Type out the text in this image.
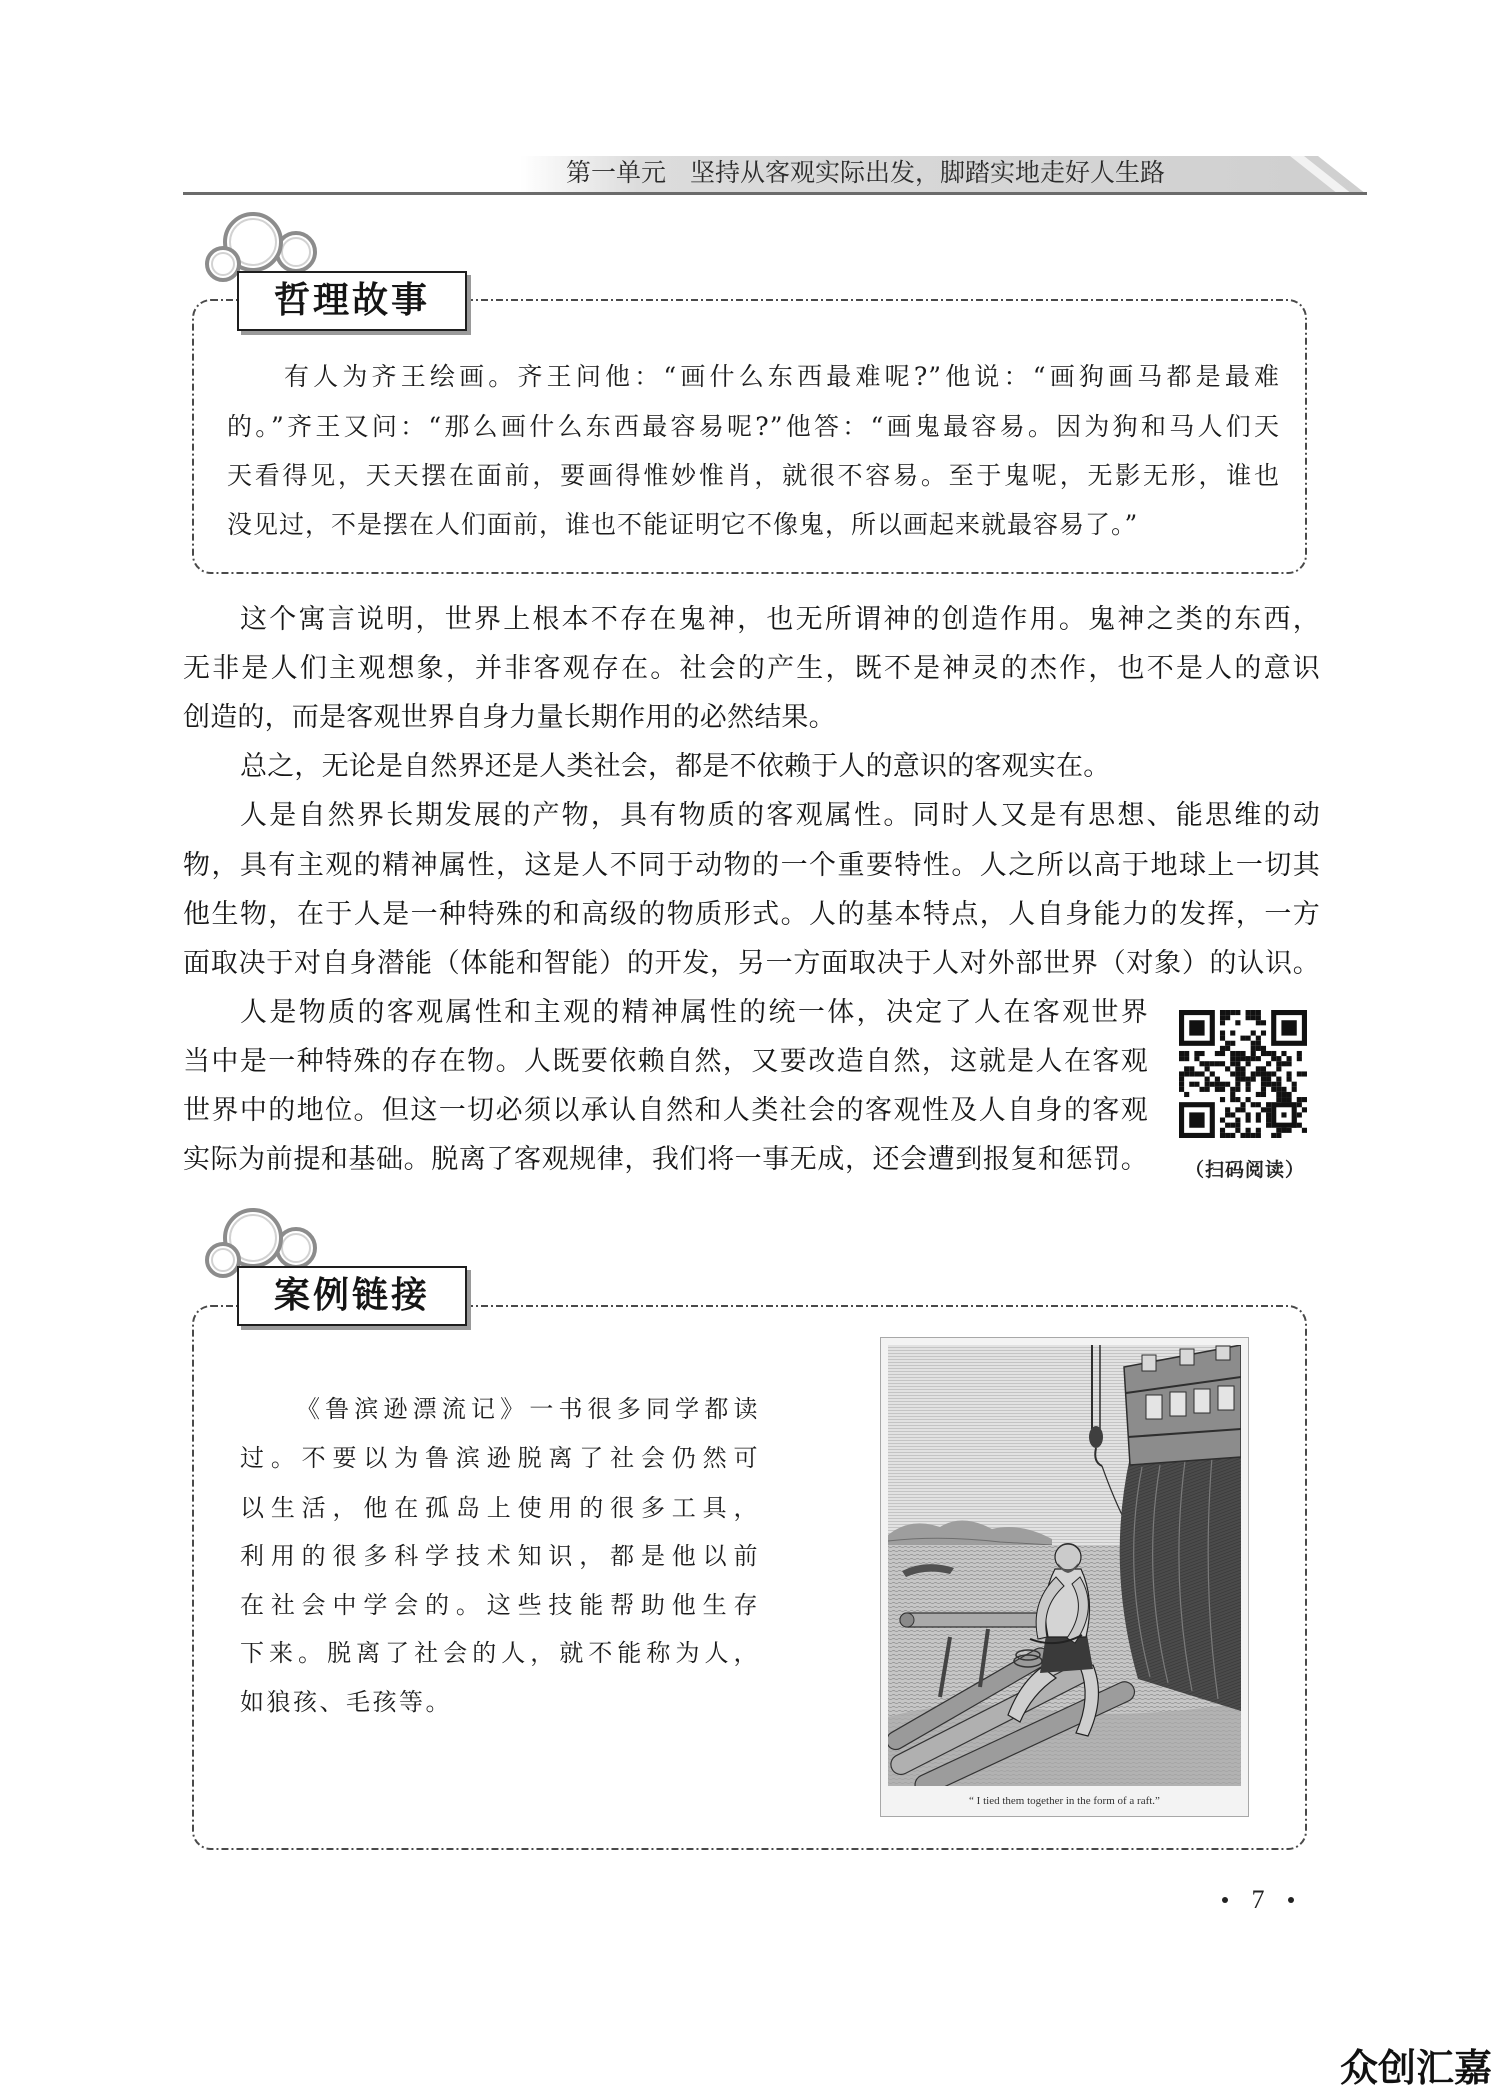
第一单元 坚持从客观实际出发，脚踏实地走好人生路
哲理故事
有人为齐王绘画。齐王问他：“画什么东西最难呢?”他说：“画狗画马都是最难
的。”齐王又问：“那么画什么东西最容易呢?”他答：“画鬼最容易。因为狗和马人们天
天看得见，天天摆在面前，要画得惟妙惟肖，就很不容易。至于鬼呢，无影无形，谁也
没见过，不是摆在人们面前，谁也不能证明它不像鬼，所以画起来就最容易了。”
这个寓言说明，世界上根本不存在鬼神，也无所谓神的创造作用。鬼神之类的东西，
无非是人们主观想象，并非客观存在。社会的产生，既不是神灵的杰作，也不是人的意识
创造的，而是客观世界自身力量长期作用的必然结果。
总之，无论是自然界还是人类社会，都是不依赖于人的意识的客观实在。
人是自然界长期发展的产物，具有物质的客观属性。同时人又是有思想、能思维的动
物，具有主观的精神属性，这是人不同于动物的一个重要特性。人之所以高于地球上一切其
他生物，在于人是一种特殊的和高级的物质形式。人的基本特点，人自身能力的发挥，一方
面取决于对自身潜能（体能和智能）的开发，另一方面取决于人对外部世界（对象）的认识。
人是物质的客观属性和主观的精神属性的统一体，决定了人在客观世界
当中是一种特殊的存在物。人既要依赖自然，又要改造自然，这就是人在客观
世界中的地位。但这一切必须以承认自然和人类社会的客观性及人自身的客观
实际为前提和基础。脱离了客观规律，我们将一事无成，还会遭到报复和惩罚。	（扫码阅读）
案例链接
《鲁滨逊漂流记》一书很多同学都读
过。不要以为鲁滨逊脱离了社会仍然可
以生活，他在孤岛上使用的很多工具，
利用的很多科学技术知识，都是他以前
在社会中学会的。这些技能帮助他生存
下来。脱离了社会的人，就不能称为人，
如狼孩、毛孩等。
“ I tied them together in the form of a raft.”
7
众创汇嘉
